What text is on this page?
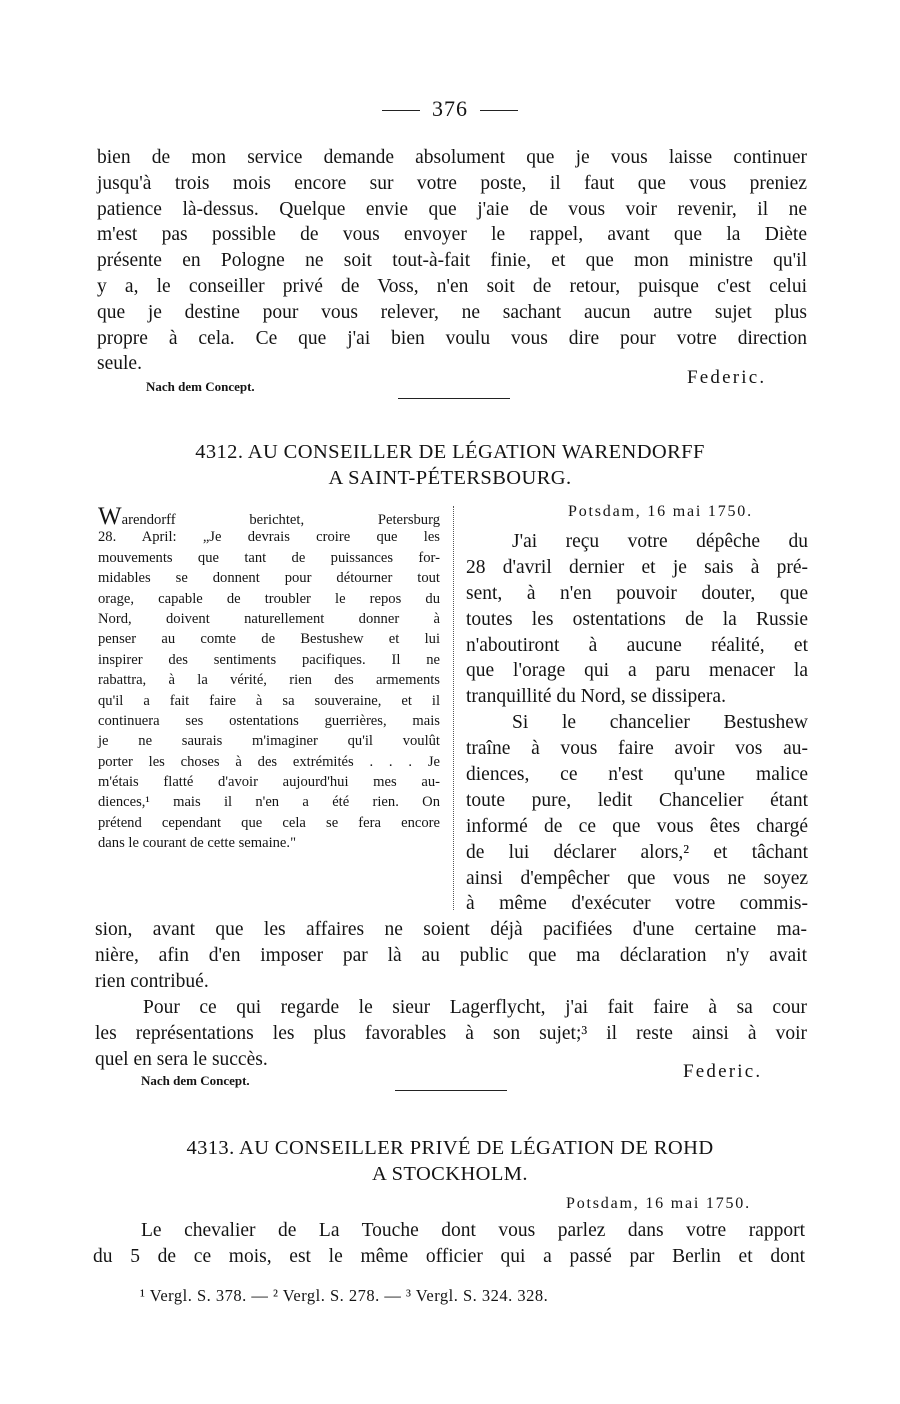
376
bien de mon service demande absolument que je vous laisse continuer
jusqu'à trois mois encore sur votre poste, il faut que vous preniez
patience là-dessus. Quelque envie que j'aie de vous voir revenir, il ne
m'est pas possible de vous envoyer le rappel, avant que la Diète
présente en Pologne ne soit tout-à-fait finie, et que mon ministre qu'il
y a, le conseiller privé de Voss, n'en soit de retour, puisque c'est celui
que je destine pour vous relever, ne sachant aucun autre sujet plus
propre à cela. Ce que j'ai bien voulu vous dire pour votre direction
seule.
Nach dem Concept.	Federic.
4312. AU CONSEILLER DE LÉGATION WARENDORFF
A SAINT-PÉTERSBOURG.
Warendorff berichtet, Petersburg
28. April: „Je devrais croire que les
mouvements que tant de puissances for-
midables se donnent pour détourner tout
orage, capable de troubler le repos du
Nord, doivent naturellement donner à
penser au comte de Bestushew et lui
inspirer des sentiments pacifiques. Il ne
rabattra, à la vérité, rien des armements
qu'il a fait faire à sa souveraine, et il
continuera ses ostentations guerrières, mais
je ne saurais m'imaginer qu'il voulût
porter les choses à des extrémités . . . Je
m'étais flatté d'avoir aujourd'hui mes au-
diences,¹ mais il n'en a été rien. On
prétend cependant que cela se fera encore
dans le courant de cette semaine."
Potsdam, 16 mai 1750.
J'ai reçu votre dépêche du
28 d'avril dernier et je sais à pré-
sent, à n'en pouvoir douter, que
toutes les ostentations de la Russie
n'aboutiront à aucune réalité, et
que l'orage qui a paru menacer la
tranquillité du Nord, se dissipera.
Si le chancelier Bestushew
traîne à vous faire avoir vos au-
diences, ce n'est qu'une malice
toute pure, ledit Chancelier étant
informé de ce que vous êtes chargé
de lui déclarer alors,² et tâchant
ainsi d'empêcher que vous ne soyez
à même d'exécuter votre commis-
sion, avant que les affaires ne soient déjà pacifiées d'une certaine ma-
nière, afin d'en imposer par là au public que ma déclaration n'y avait
rien contribué.
Pour ce qui regarde le sieur Lagerflycht, j'ai fait faire à sa cour
les représentations les plus favorables à son sujet;³ il reste ainsi à voir
quel en sera le succès.
Nach dem Concept.	Federic.
4313. AU CONSEILLER PRIVÉ DE LÉGATION DE ROHD
A STOCKHOLM.
Potsdam, 16 mai 1750.
Le chevalier de La Touche dont vous parlez dans votre rapport
du 5 de ce mois, est le même officier qui a passé par Berlin et dont
¹ Vergl. S. 378. — ² Vergl. S. 278. — ³ Vergl. S. 324. 328.
